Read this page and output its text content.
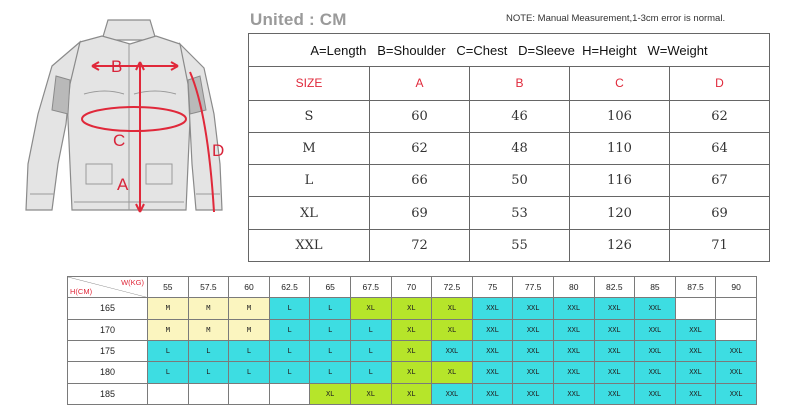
B
C
A
D
United : CM	NOTE: Manual Measurement,1-3cm error is normal.
A=Length   B=Shoulder   C=Chest   D=Sleeve  H=Height   W=Weight				
SIZE	A	B	C	D
S	60	46	106	62
M	62	48	110	64
L	66	50	116	67
XL	69	53	120	69
XXL	72	55	126	71
W(KG)
H(CM)	55	57.5	60	62.5	65	67.5	70	72.5	75	77.5	80	82.5	85	87.5	90
165	M	M	M	L	L	XL	XL	XL	XXL	XXL	XXL	XXL	XXL		
170	M	M	M	L	L	L	XL	XL	XXL	XXL	XXL	XXL	XXL	XXL	
175	L	L	L	L	L	L	XL	XXL	XXL	XXL	XXL	XXL	XXL	XXL	XXL
180	L	L	L	L	L	L	XL	XL	XXL	XXL	XXL	XXL	XXL	XXL	XXL
185					XL	XL	XL	XXL	XXL	XXL	XXL	XXL	XXL	XXL	XXL
